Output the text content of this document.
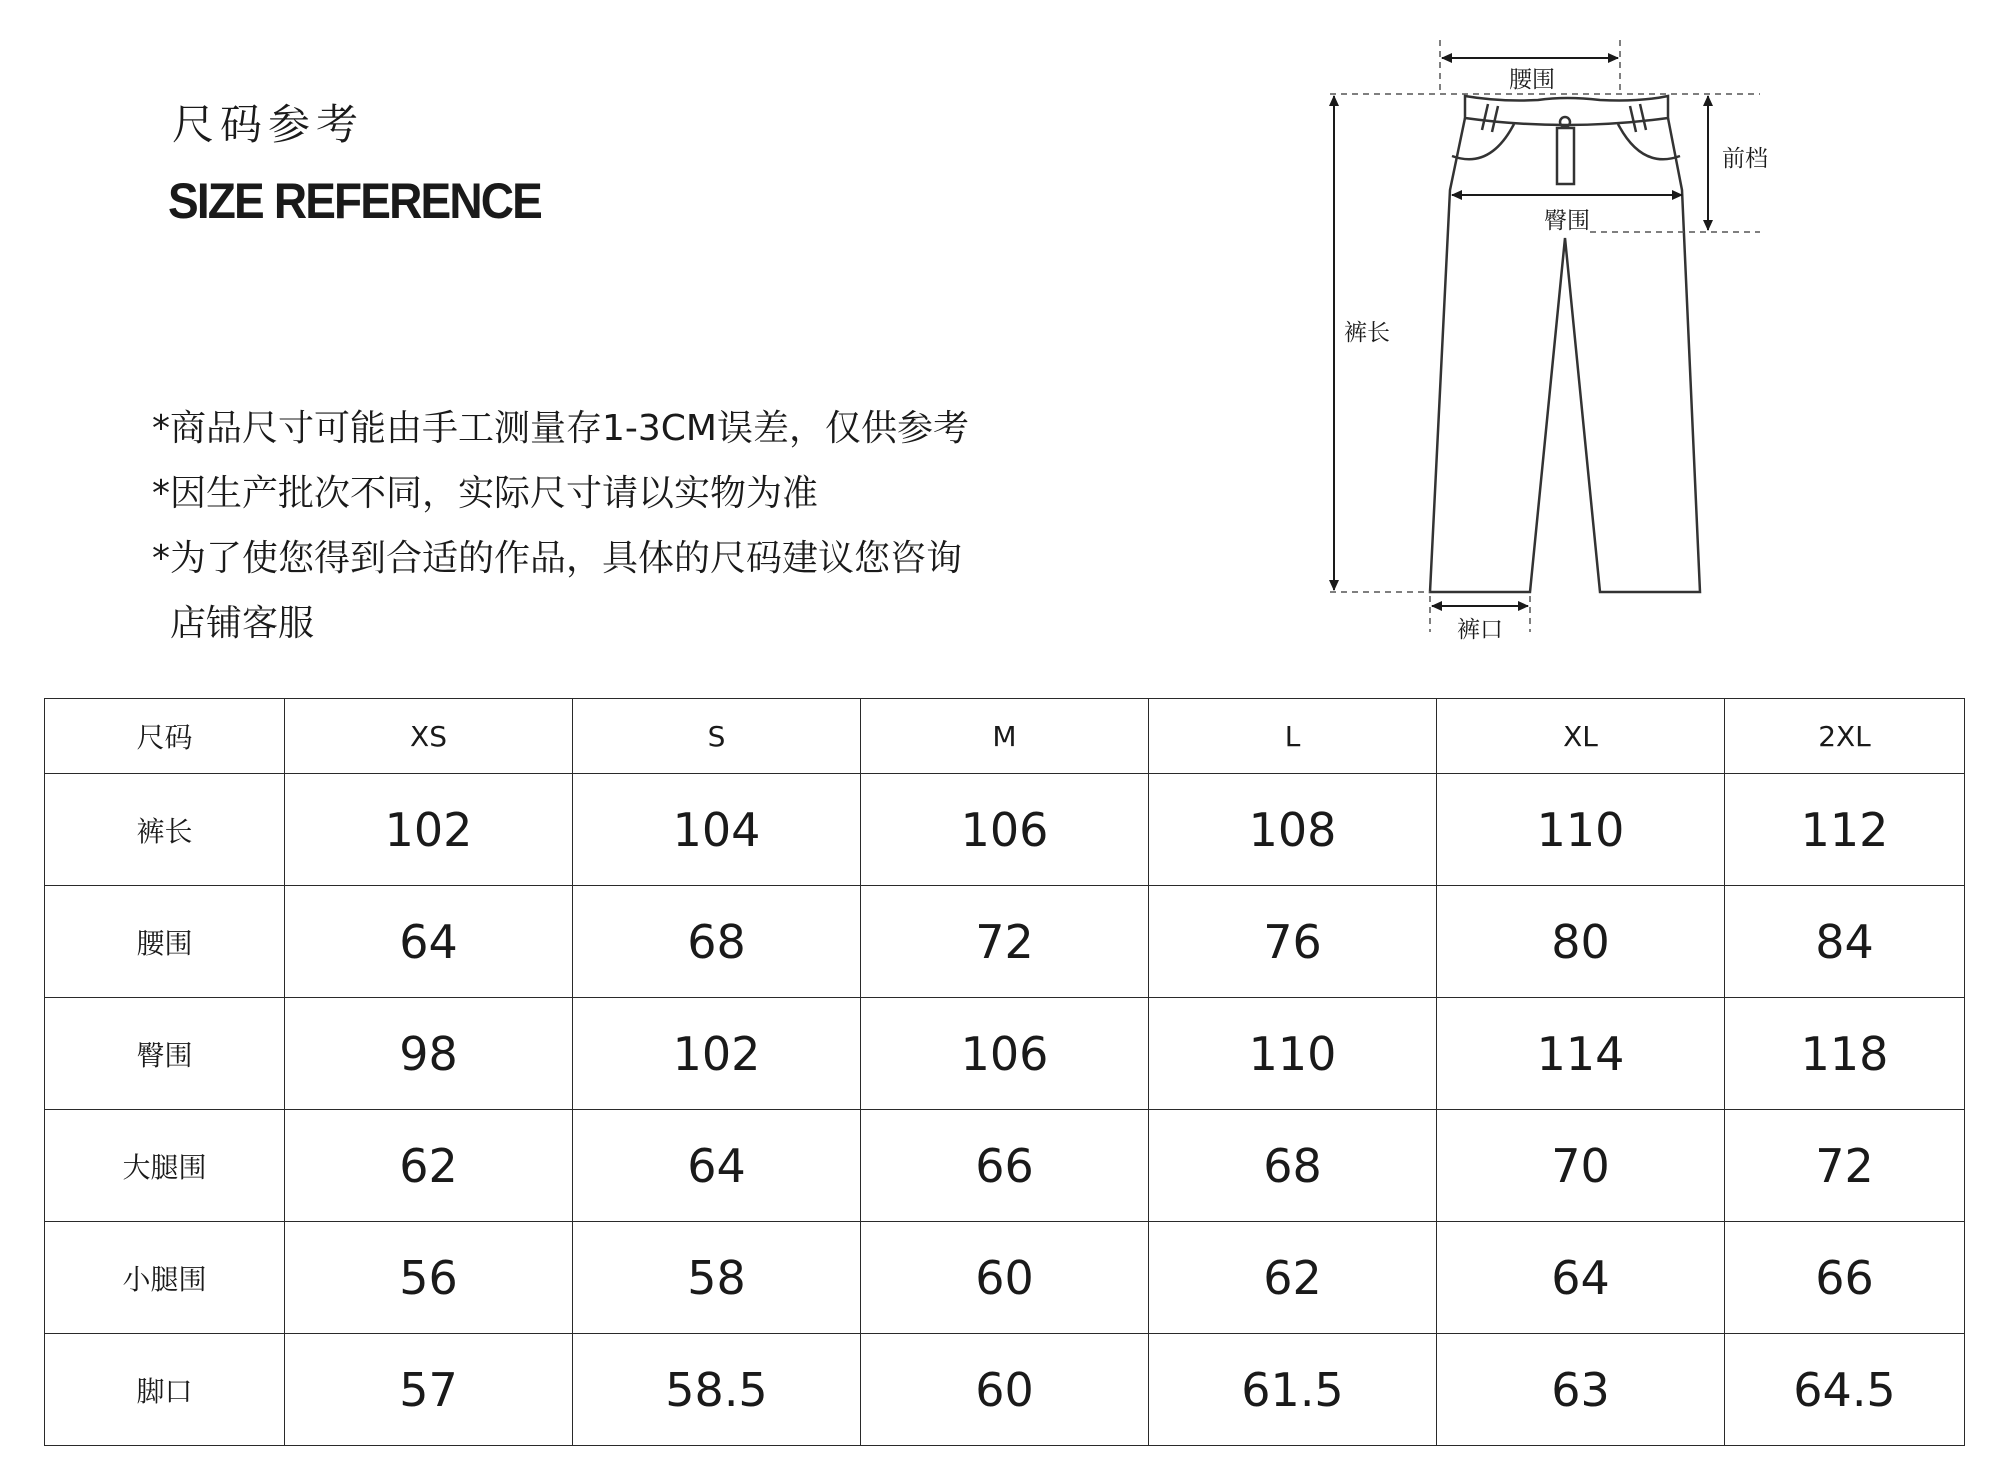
尺码参考
SIZE REFERENCE
*商品尺寸可能由手工测量存1-3CM误差，仅供参考
*因生产批次不同，实际尺寸请以实物为准
*为了使您得到合适的作品，具体的尺码建议您咨询
店铺客服
腰围
前档
臀围
裤长
裤口
尺码	XS	S	M	L	XL	2XL
裤长	102	104	106	108	110	112
腰围	64	68	72	76	80	84
臀围	98	102	106	110	114	118
大腿围	62	64	66	68	70	72
小腿围	56	58	60	62	64	66
脚口	57	58.5	60	61.5	63	64.5
